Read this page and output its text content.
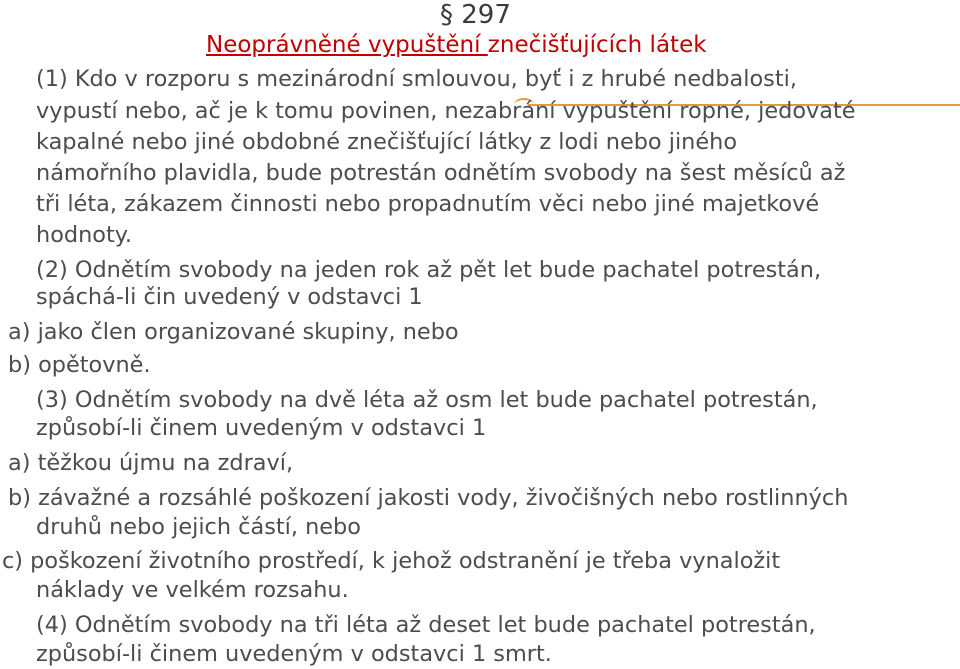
§ 297
Neoprávněné vypuštění znečišťujících látek
(1) Kdo v rozporu s mezinárodní smlouvou, byť i z hrubé nedbalosti,
vypustí nebo, ač je k tomu povinen, nezabrání vypuštění ropné, jedovaté
kapalné nebo jiné obdobné znečišťující látky z lodi nebo jiného
námořního plavidla, bude potrestán odnětím svobody na šest měsíců až
tři léta, zákazem činnosti nebo propadnutím věci nebo jiné majetkové
hodnoty.
(2) Odnětím svobody na jeden rok až pět let bude pachatel potrestán,
spáchá-li čin uvedený v odstavci 1
a) jako člen organizované skupiny, nebo
b) opětovně.
(3) Odnětím svobody na dvě léta až osm let bude pachatel potrestán,
způsobí-li činem uvedeným v odstavci 1
a) těžkou újmu na zdraví,
b) závažné a rozsáhlé poškození jakosti vody, živočišných nebo rostlinných
druhů nebo jejich částí, nebo
c) poškození životního prostředí, k jehož odstranění je třeba vynaložit
náklady ve velkém rozsahu.
(4) Odnětím svobody na tři léta až deset let bude pachatel potrestán,
způsobí-li činem uvedeným v odstavci 1 smrt.
